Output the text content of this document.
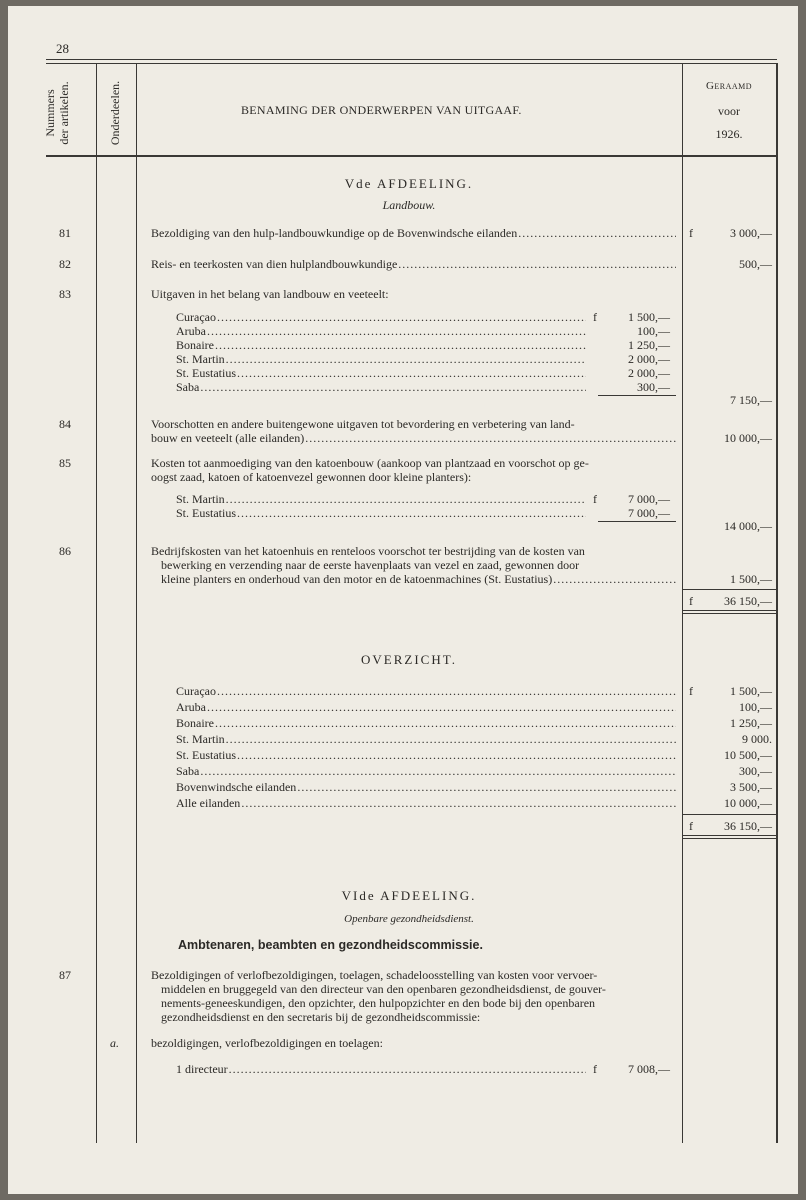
28
Nummers
der artikelen.	Onderdeelen.	BENAMING DER ONDERWERPEN VAN UITGAAF.
Geraamd
voor
1926.
Vde AFDEELING.
Landbouw.
81	Bezoldiging van den hulp-landbouwkundige op de Bovenwindsche eilanden .....	f	3 000,—
82	Reis- en teerkosten van dien hulplandbouwkundige .....	500,—
83	Uitgaven in het belang van landbouw en veeteelt:
f
Curaçao .....	1 500,—
Aruba .....	100,—
Bonaire .....	1 250,—
St. Martin .....	2 000,—
St. Eustatius .....	2 000,—
Saba .....	300,—
7 150,—
84	Voorschotten en andere buitengewone uitgaven tot bevordering en verbetering van land-
bouw en veeteelt (alle eilanden) .....	10 000,—
85	Kosten tot aanmoediging van den katoenbouw (aankoop van plantzaad en voorschot op ge-
oogst zaad, katoen of katoenvezel gewonnen door kleine planters):
f
St. Martin .....	7 000,—
St. Eustatius .....	7 000,—
14 000,—
86	Bedrijfskosten van het katoenhuis en renteloos voorschot ter bestrijding van de kosten van
bewerking en verzending naar de eerste havenplaats van vezel en zaad, gewonnen door
kleine planters en onderhoud van den motor en de katoenmachines (St. Eustatius) .....	1 500,—
f	36 150,—
OVERZICHT.
f
Curaçao .....	1 500,—
Aruba .....	100,—
Bonaire .....	1 250,—
St. Martin .....	9 000.
St. Eustatius .....	10 500,—
Saba .....	300,—
Bovenwindsche eilanden .....	3 500,—
Alle eilanden .....	10 000,—
f	36 150,—
VIde AFDEELING.
Openbare gezondheidsdienst.
Ambtenaren, beambten en gezondheidscommissie.
87	Bezoldigingen of verlofbezoldigingen, toelagen, schadeloosstelling van kosten voor vervoer-
middelen en bruggegeld van den directeur van den openbaren gezondheidsdienst, de gouver-
nements-geneeskundigen, den opzichter, den hulpopzichter en den bode bij den openbaren
gezondheidsdienst en den secretaris bij de gezondheidscommissie:
a.	bezoldigingen, verlofbezoldigingen en toelagen:
1 directeur .....	f	7 008,—
